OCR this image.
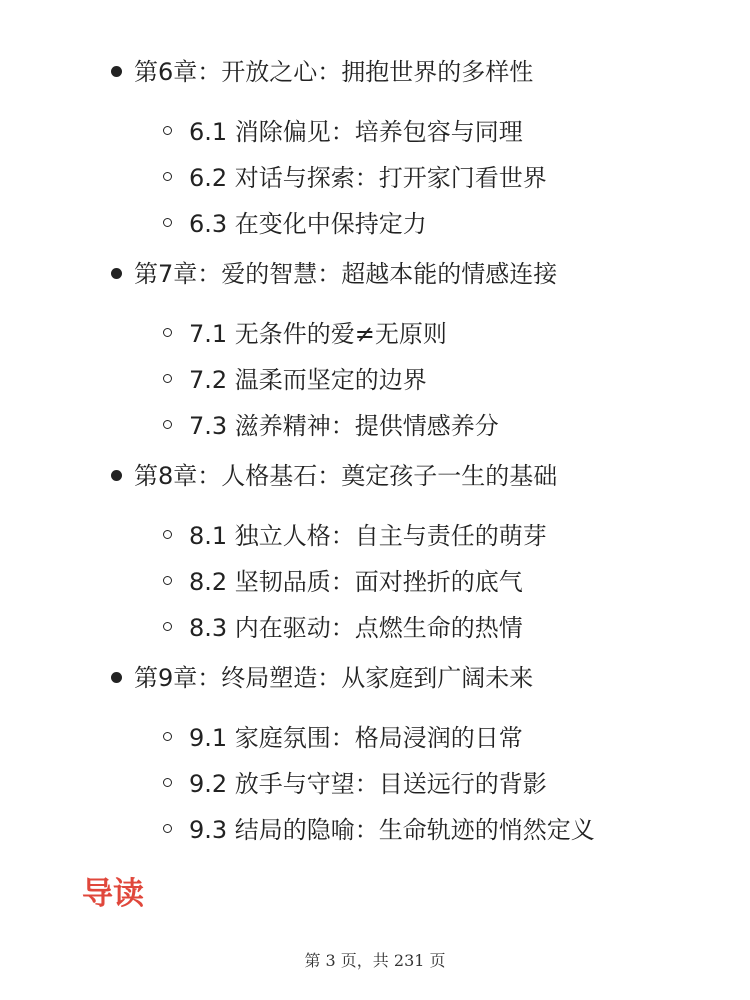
第6章：开放之心：拥抱世界的多样性
6.1 消除偏见：培养包容与同理
6.2 对话与探索：打开家门看世界
6.3 在变化中保持定力
第7章：爱的智慧：超越本能的情感连接
7.1 无条件的爱≠无原则
7.2 温柔而坚定的边界
7.3 滋养精神：提供情感养分
第8章：人格基石：奠定孩子一生的基础
8.1 独立人格：自主与责任的萌芽
8.2 坚韧品质：面对挫折的底气
8.3 内在驱动：点燃生命的热情
第9章：终局塑造：从家庭到广阔未来
9.1 家庭氛围：格局浸润的日常
9.2 放手与守望：目送远行的背影
9.3 结局的隐喻：生命轨迹的悄然定义
导读
第 3 页，共 231 页
